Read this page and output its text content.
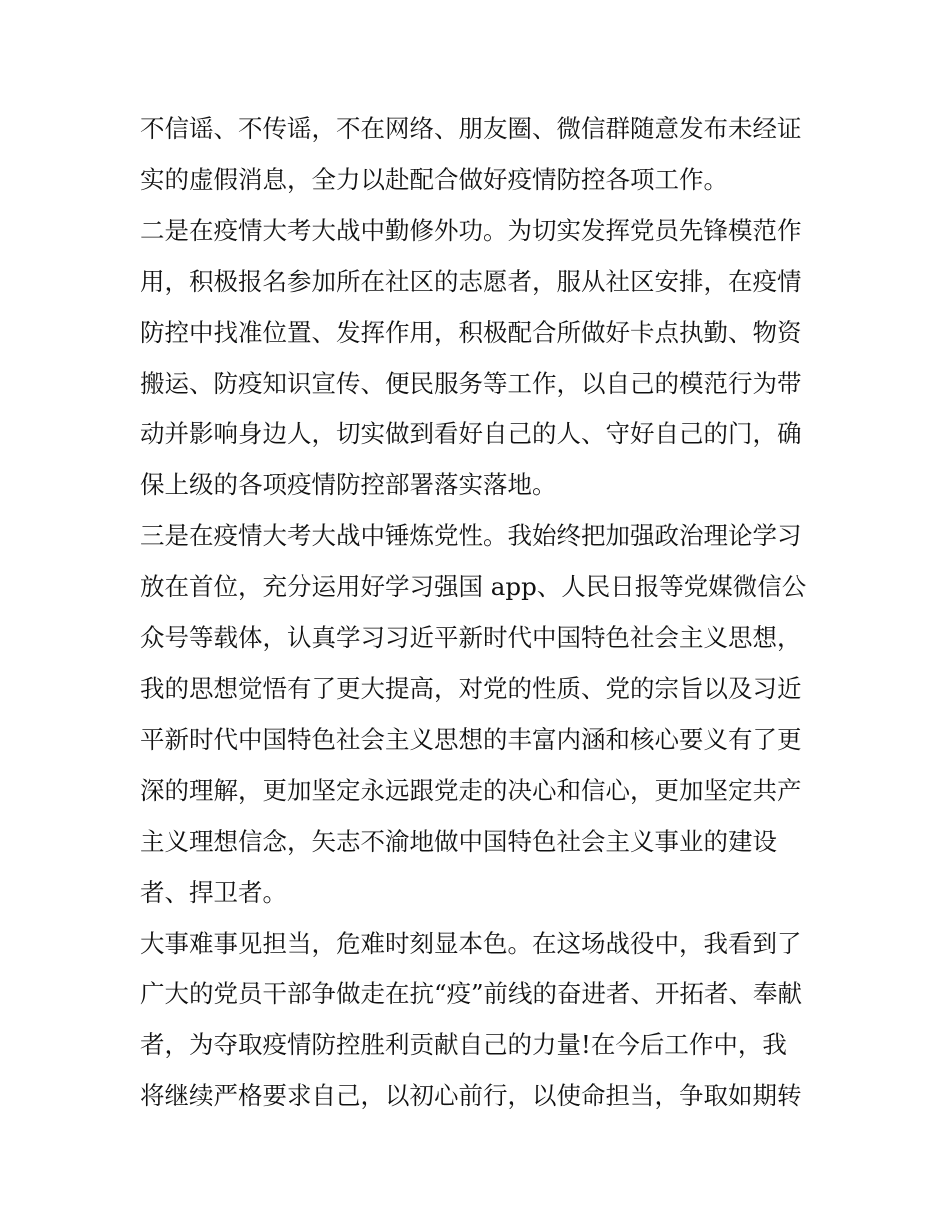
不信谣、不传谣，不在网络、朋友圈、微信群随意发布未经证
实的虚假消息，全力以赴配合做好疫情防控各项工作。
二是在疫情大考大战中勤修外功。为切实发挥党员先锋模范作
用，积极报名参加所在社区的志愿者，服从社区安排，在疫情
防控中找准位置、发挥作用，积极配合所做好卡点执勤、物资
搬运、防疫知识宣传、便民服务等工作，以自己的模范行为带
动并影响身边人，切实做到看好自己的人、守好自己的门，确
保上级的各项疫情防控部署落实落地。
三是在疫情大考大战中锤炼党性。我始终把加强政治理论学习
放在首位，充分运用好学习强国 app、人民日报等党媒微信公
众号等载体，认真学习习近平新时代中国特色社会主义思想，
我的思想觉悟有了更大提高，对党的性质、党的宗旨以及习近
平新时代中国特色社会主义思想的丰富内涵和核心要义有了更
深的理解，更加坚定永远跟党走的决心和信心，更加坚定共产
主义理想信念，矢志不渝地做中国特色社会主义事业的建设
者、捍卫者。
大事难事见担当，危难时刻显本色。在这场战役中，我看到了
广大的党员干部争做走在抗“疫”前线的奋进者、开拓者、奉献
者，为夺取疫情防控胜利贡献自己的力量!在今后工作中，我
将继续严格要求自己，以初心前行，以使命担当，争取如期转
